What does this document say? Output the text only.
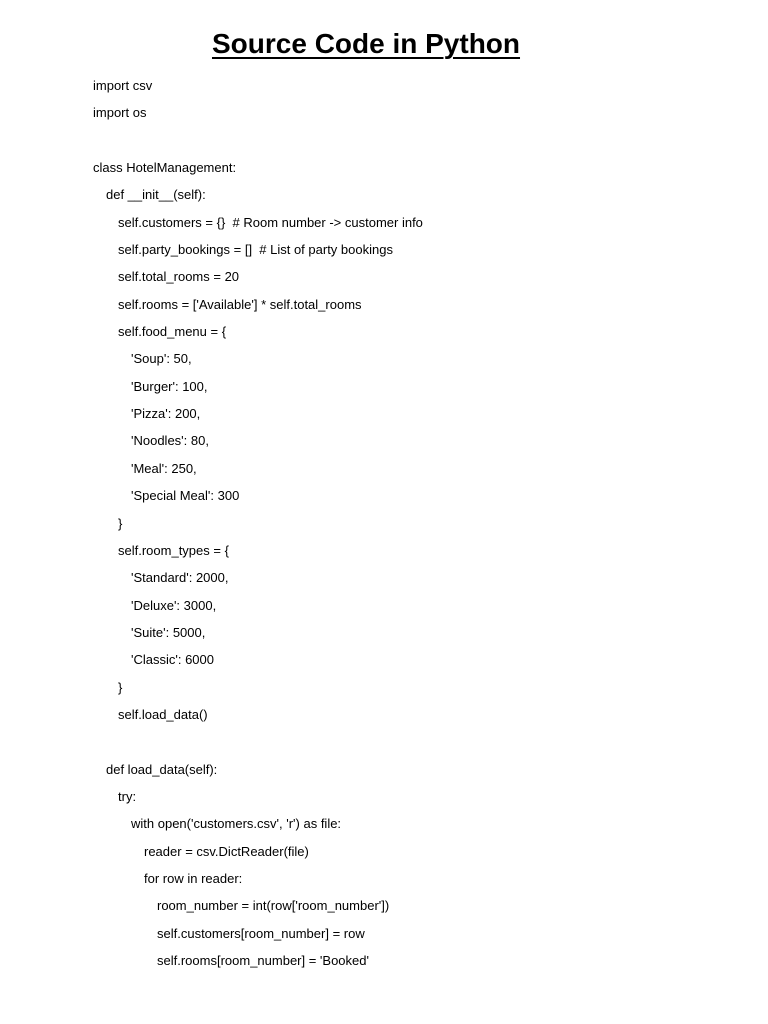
Source Code in Python
import csv
import os
class HotelManagement:
def __init__(self):
self.customers = {}  # Room number -> customer info
self.party_bookings = []  # List of party bookings
self.total_rooms = 20
self.rooms = ['Available'] * self.total_rooms
self.food_menu = {
'Soup': 50,
'Burger': 100,
'Pizza': 200,
'Noodles': 80,
'Meal': 250,
'Special Meal': 300
}
self.room_types = {
'Standard': 2000,
'Deluxe': 3000,
'Suite': 5000,
'Classic': 6000
}
self.load_data()
def load_data(self):
try:
with open('customers.csv', 'r') as file:
reader = csv.DictReader(file)
for row in reader:
room_number = int(row['room_number'])
self.customers[room_number] = row
self.rooms[room_number] = 'Booked'
